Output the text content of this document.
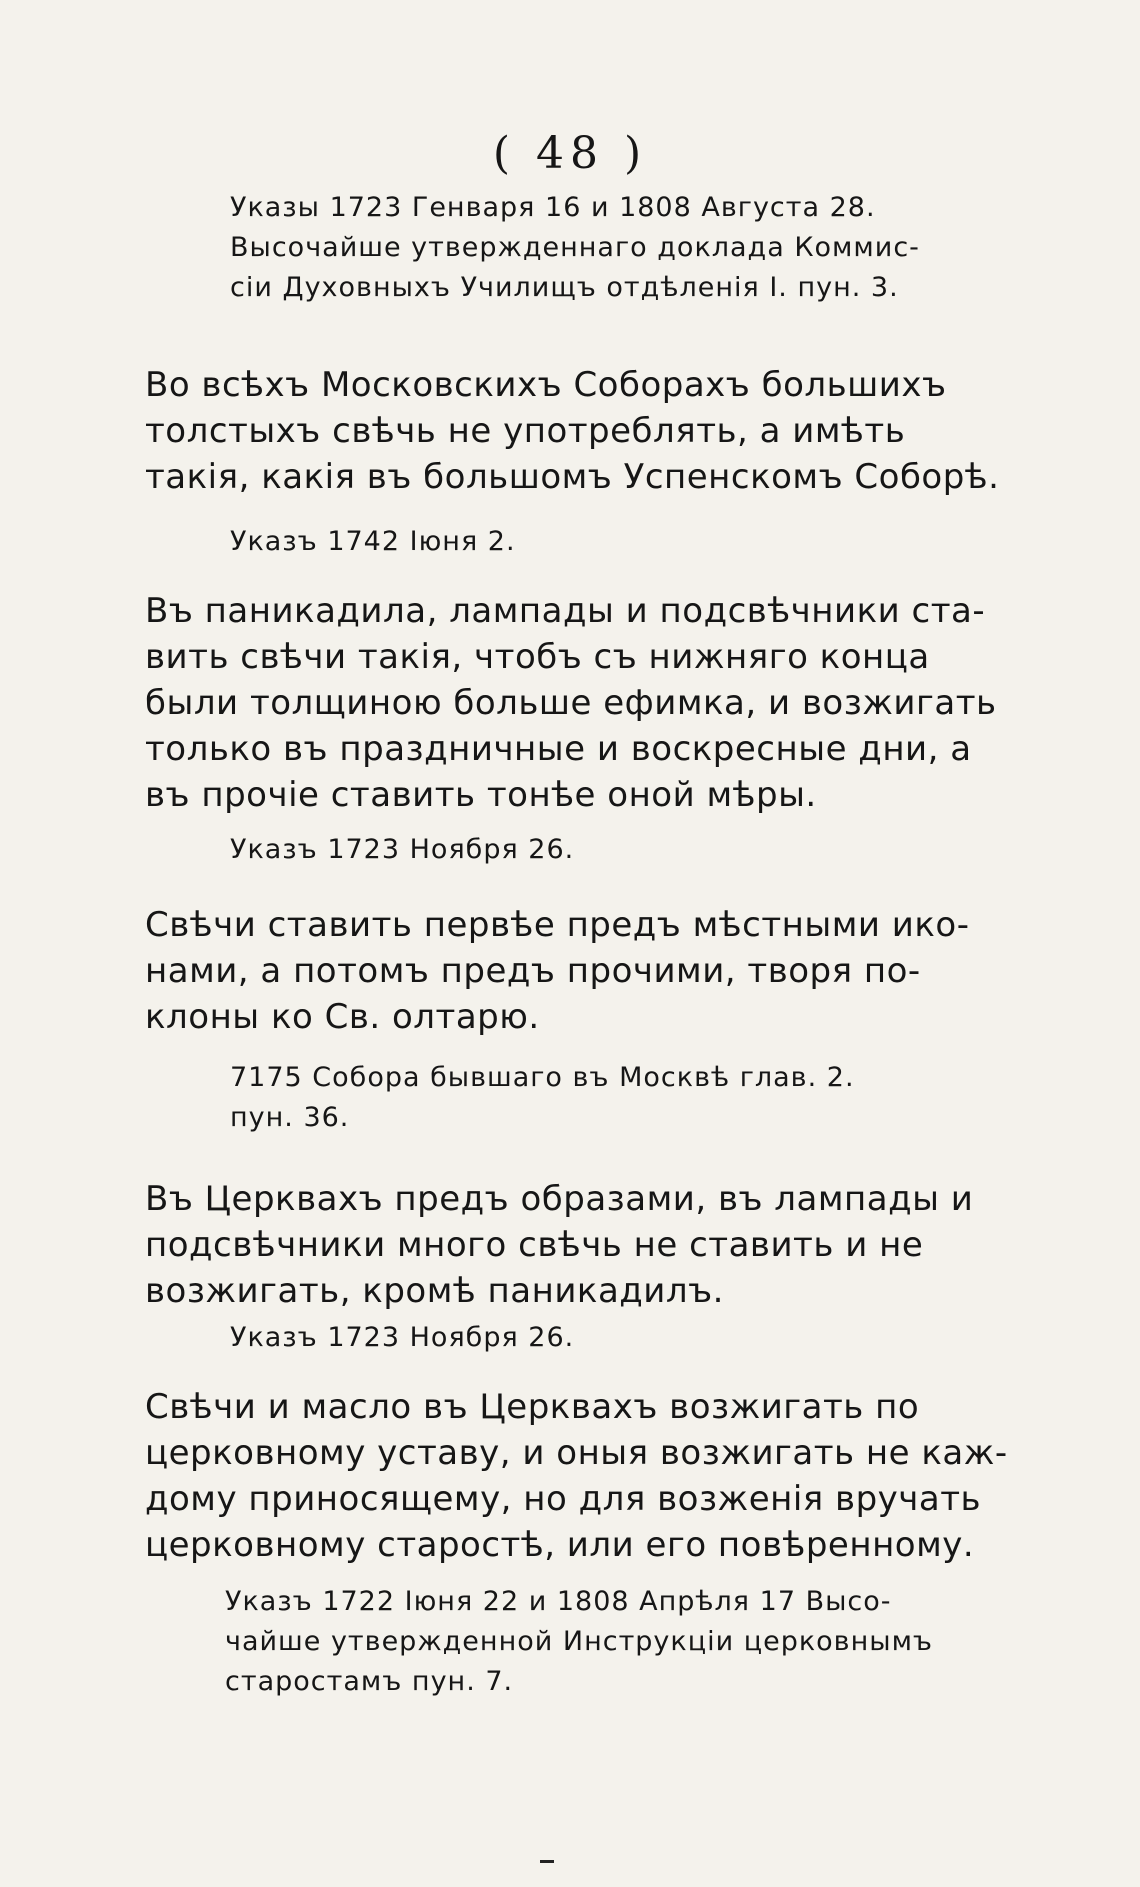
( 48 )
Указы 1723 Генваря 16 и 1808 Августа 28.
Высочайше утвержденнаго доклада Коммис-
сіи Духовныхъ Училищъ отдѣленія I. пун. 3.
Во всѣхъ Московскихъ Соборахъ большихъ
толстыхъ свѣчь не употреблять, а имѣть
такія, какія въ большомъ Успенскомъ Соборѣ.
Указъ 1742 Іюня 2.
Въ паникадила, лампады и подсвѣчники ста-
вить свѣчи такія, чтобъ съ нижняго конца
были толщиною больше ефимка, и возжигать
только въ праздничные и воскресные дни, а
въ прочіе ставить тонѣе оной мѣры.
Указъ 1723 Ноября 26.
Свѣчи ставить первѣе предъ мѣстными ико-
нами, а потомъ предъ прочими, творя по-
клоны ко Св. олтарю.
7175 Собора бывшаго въ Москвѣ глав. 2.
пун. 36.
Въ Церквахъ предъ образами, въ лампады и
подсвѣчники много свѣчь не ставить и не
возжигать, кромѣ паникадилъ.
Указъ 1723 Ноября 26.
Свѣчи и масло въ Церквахъ возжигать по
церковному уставу, и оныя возжигать не каж-
дому приносящему, но для возженія вручать
церковному старостѣ, или его повѣренному.
Указъ 1722 Іюня 22 и 1808 Апрѣля 17 Высо-
чайше утвержденной Инструкціи церковнымъ
старостамъ пун. 7.
